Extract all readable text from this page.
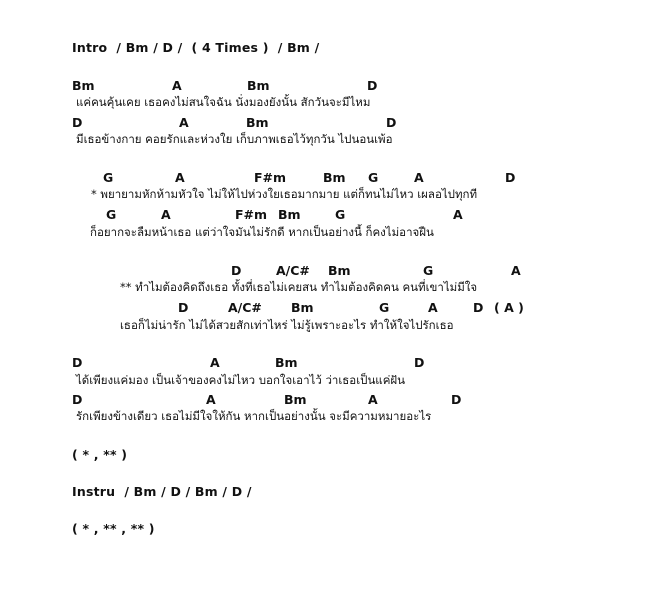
Intro  / Bm / D /  ( 4 Times )  / Bm /
Bm	A	Bm	D
แค่คนคุ้นเคย เธอคงไม่สนใจฉัน นั่งมองยังนั้น สักวันจะมีไหม
D	A	Bm	D
มีเธอข้างกาย คอยรักและห่วงใย เก็บภาพเธอไว้ทุกวัน ไปนอนเพ้อ
G	A	F#m	Bm G	A	D
* พยายามหักห้ามหัวใจ ไม่ให้ไปห่วงใยเธอมากมาย แต่ก็ทนไม่ไหว เผลอไปทุกที
G	A	F#m Bm	G	A
ก็อยากจะลืมหน้าเธอ แต่ว่าใจมันไม่รักดี หากเป็นอย่างนี้ ก็คงไม่อาจฝืน
D	A/C# Bm	G	A
** ทำไมต้องคิดถึงเธอ ทั้งที่เธอไม่เคยสน ทำไมต้องคิดคน คนที่เขาไม่มีใจ
D	A/C# Bm	G	A	D ( A )
เธอก็ไม่น่ารัก ไม่ได้สวยสักเท่าไหร่ ไม่รู้เพราะอะไร ทำให้ใจไปรักเธอ
D	A	Bm	D
ได้เพียงแค่มอง เป็นเจ้าของคงไม่ไหว บอกใจเอาไว้ ว่าเธอเป็นแค่ฝัน
D	A	Bm	A	D
รักเพียงข้างเดียว เธอไม่มีใจให้กัน หากเป็นอย่างนั้น จะมีความหมายอะไร
( * , ** )
Instru  / Bm / D / Bm / D /
( * , ** , ** )
